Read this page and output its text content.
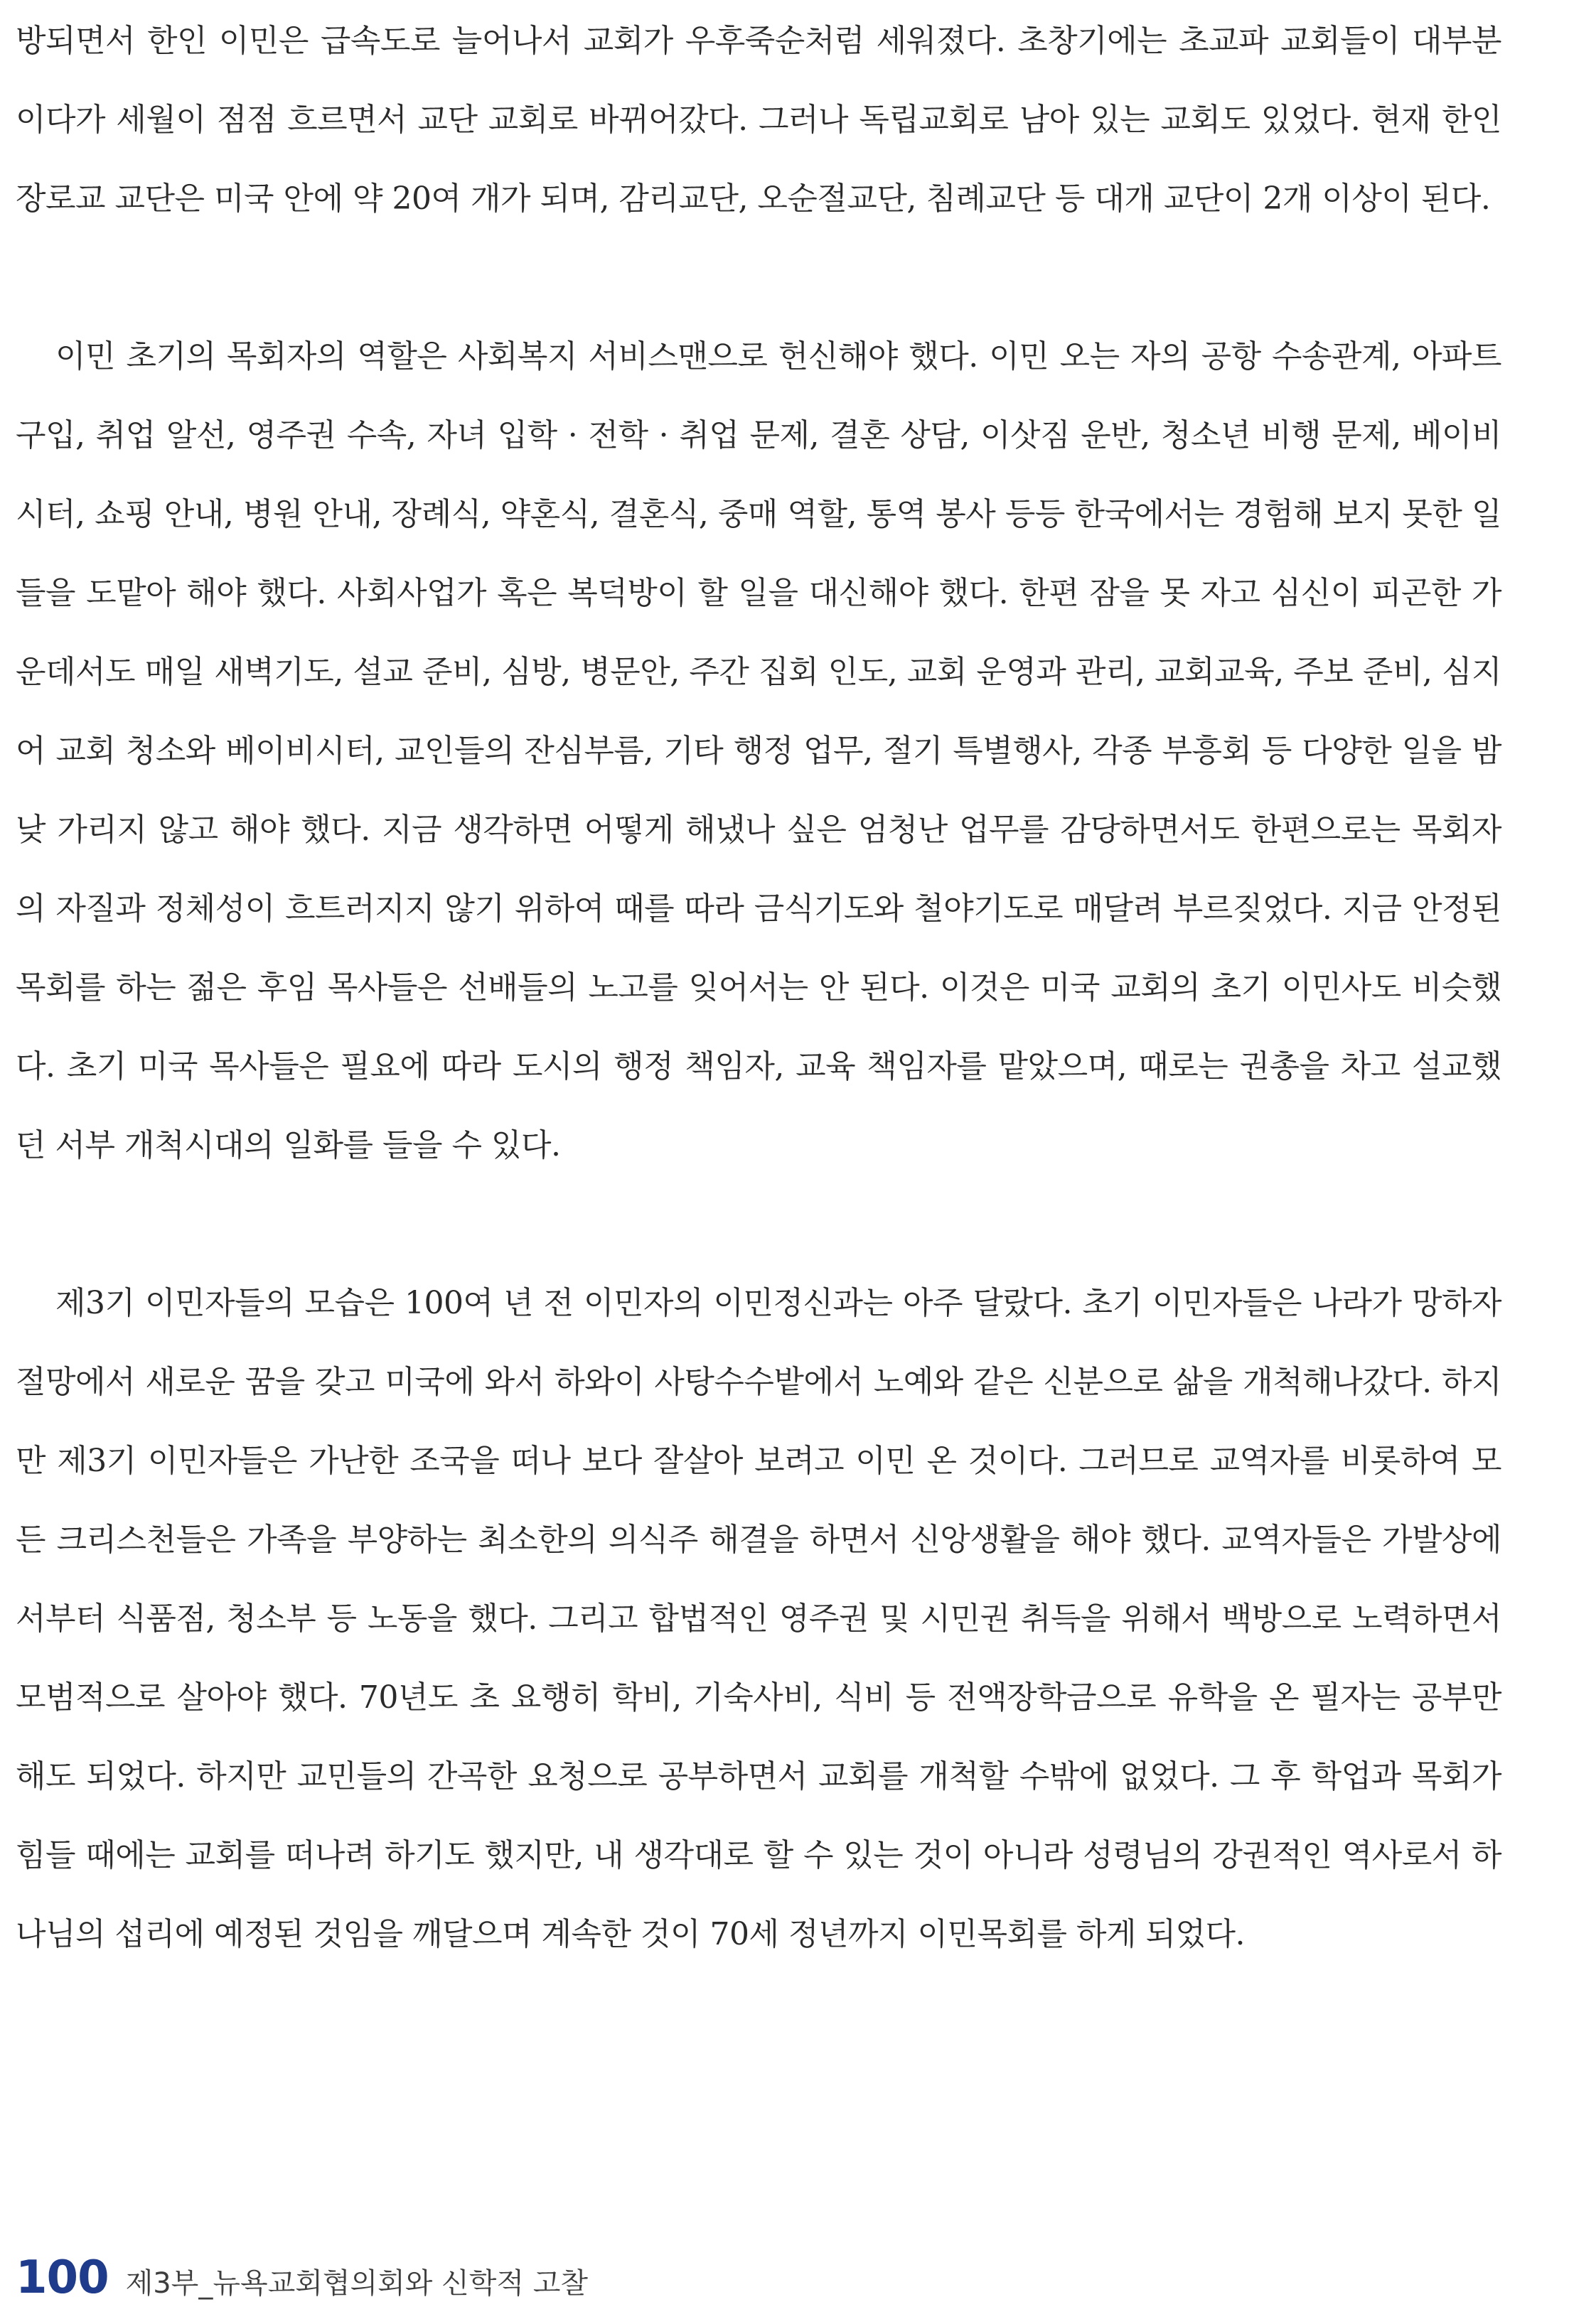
방되면서 한인 이민은 급속도로 늘어나서 교회가 우후죽순처럼 세워졌다. 초창기에는 초교파 교회들이 대부분이다가 세월이 점점 흐르면서 교단 교회로 바뀌어갔다. 그러나 독립교회로 남아 있는 교회도 있었다. 현재 한인 장로교 교단은 미국 안에 약 20여 개가 되며, 감리교단, 오순절교단, 침례교단 등 대개 교단이 2개 이상이 된다.

이민 초기의 목회자의 역할은 사회복지 서비스맨으로 헌신해야 했다. 이민 오는 자의 공항 수송관계, 아파트 구입, 취업 알선, 영주권 수속, 자녀 입학 · 전학 · 취업 문제, 결혼 상담, 이삿짐 운반, 청소년 비행 문제, 베이비시터, 쇼핑 안내, 병원 안내, 장례식, 약혼식, 결혼식, 중매 역할, 통역 봉사 등등 한국에서는 경험해 보지 못한 일들을 도맡아 해야 했다. 사회사업가 혹은 복덕방이 할 일을 대신해야 했다. 한편 잠을 못 자고 심신이 피곤한 가운데서도 매일 새벽기도, 설교 준비, 심방, 병문안, 주간 집회 인도, 교회 운영과 관리, 교회교육, 주보 준비, 심지어 교회 청소와 베이비시터, 교인들의 잔심부름, 기타 행정 업무, 절기 특별행사, 각종 부흥회 등 다양한 일을 밤낮 가리지 않고 해야 했다. 지금 생각하면 어떻게 해냈나 싶은 엄청난 업무를 감당하면서도 한편으로는 목회자의 자질과 정체성이 흐트러지지 않기 위하여 때를 따라 금식기도와 철야기도로 매달려 부르짖었다. 지금 안정된 목회를 하는 젊은 후임 목사들은 선배들의 노고를 잊어서는 안 된다. 이것은 미국 교회의 초기 이민사도 비슷했다. 초기 미국 목사들은 필요에 따라 도시의 행정 책임자, 교육 책임자를 맡았으며, 때로는 권총을 차고 설교했던 서부 개척시대의 일화를 들을 수 있다.

제3기 이민자들의 모습은 100여 년 전 이민자의 이민정신과는 아주 달랐다. 초기 이민자들은 나라가 망하자 절망에서 새로운 꿈을 갖고 미국에 와서 하와이 사탕수수밭에서 노예와 같은 신분으로 삶을 개척해나갔다. 하지만 제3기 이민자들은 가난한 조국을 떠나 보다 잘살아 보려고 이민 온 것이다. 그러므로 교역자를 비롯하여 모든 크리스천들은 가족을 부양하는 최소한의 의식주 해결을 하면서 신앙생활을 해야 했다. 교역자들은 가발상에서부터 식품점, 청소부 등 노동을 했다. 그리고 합법적인 영주권 및 시민권 취득을 위해서 백방으로 노력하면서 모범적으로 살아야 했다. 70년도 초 요행히 학비, 기숙사비, 식비 등 전액장학금으로 유학을 온 필자는 공부만 해도 되었다. 하지만 교민들의 간곡한 요청으로 공부하면서 교회를 개척할 수밖에 없었다. 그 후 학업과 목회가 힘들 때에는 교회를 떠나려 하기도 했지만, 내 생각대로 할 수 있는 것이 아니라 성령님의 강권적인 역사로서 하나님의 섭리에 예정된 것임을 깨달으며 계속한 것이 70세 정년까지 이민목회를 하게 되었다.

100 제3부_뉴욕교회협의회와 신학적 고찰
